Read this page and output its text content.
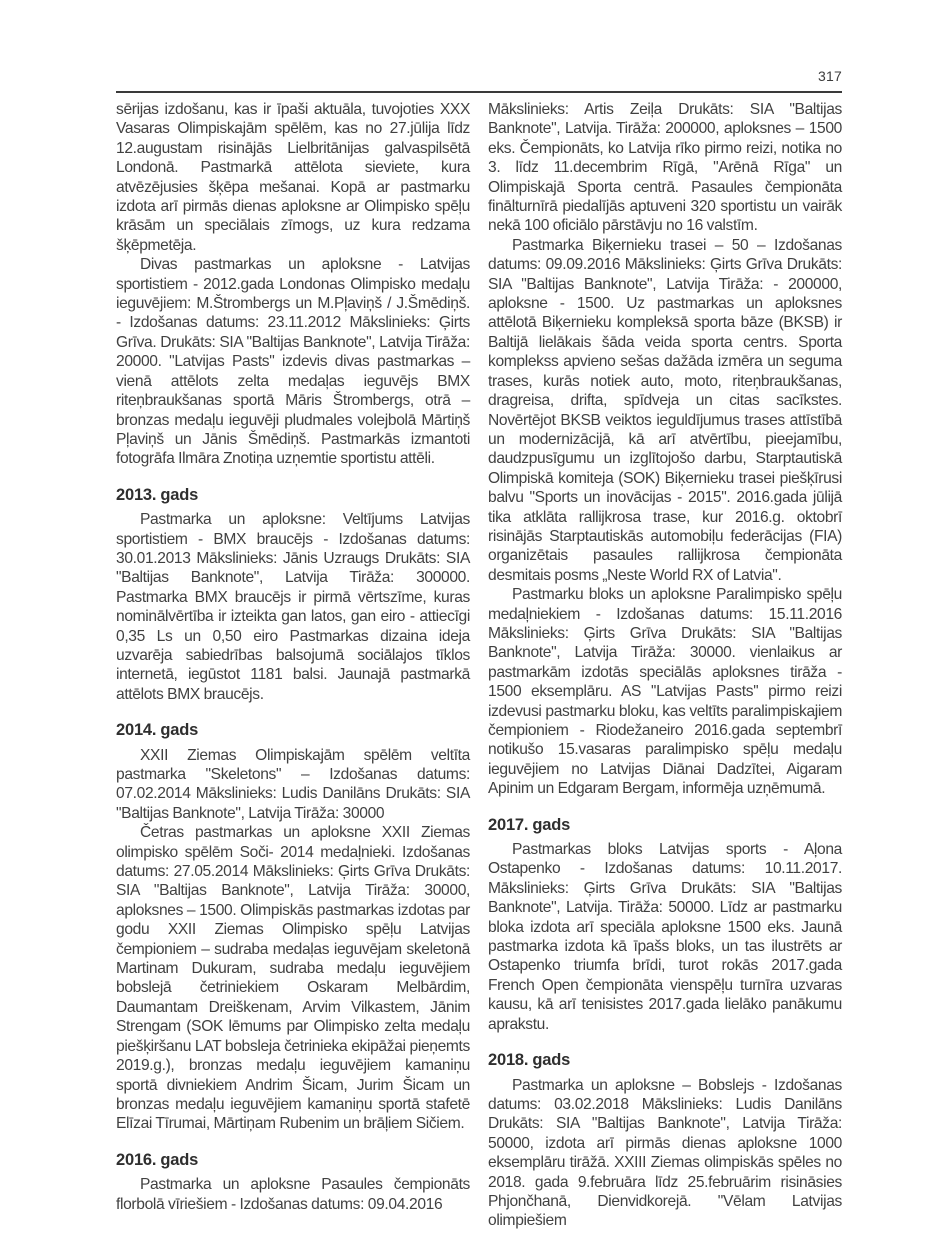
317

sērijas izdošanu, kas ir īpaši aktuāla, tuvojoties XXX Vasaras Olimpiskajām spēlēm, kas no 27.jūlija līdz 12.augustam risinājās Lielbritānijas galvaspilsētā Londonā. Pastmarkā attēlota sieviete, kura atvēzējusies šķēpa mešanai. Kopā ar pastmarku izdota arī pirmās dienas aploksne ar Olimpisko spēļu krāsām un speciālais zīmogs, uz kura redzama šķēpmetēja.

Divas pastmarkas un aploksne - Latvijas sportistiem - 2012.gada Londonas Olimpisko medaļu ieguvējiem: M.Štrombergs un M.Pļaviņš / J.Šmēdiņš. - Izdošanas datums: 23.11.2012 Mākslinieks: Ģirts Grīva. Drukāts: SIA "Baltijas Banknote", Latvija Tirāža: 20000. "Latvijas Pasts" izdevis divas pastmarkas – vienā attēlots zelta medaļas ieguvējs BMX riteņbraukšanas sportā Māris Štrombergs, otrā – bronzas medaļu ieguvēji pludmales volejbolā Mārtiņš Pļaviņš un Jānis Šmēdiņš. Pastmarkās izmantoti fotogrāfa Ilmāra Znotiņa uzņemtie sportistu attēli.

2013. gads

Pastmarka un aploksne: Veltījums Latvijas sportistiem - BMX braucējs - Izdošanas datums: 30.01.2013 Mākslinieks: Jānis Uzraugs Drukāts: SIA "Baltijas Banknote", Latvija Tirāža: 300000. Pastmarka BMX braucējs ir pirmā vērtszīme, kuras nominālvērtība ir izteikta gan latos, gan eiro - attiecīgi 0,35 Ls un 0,50 eiro Pastmarkas dizaina ideja uzvarēja sabiedrības balsojumā sociālajos tīklos internetā, iegūstot 1181 balsi. Jaunajā pastmarkā attēlots BMX braucējs.

2014. gads

XXII Ziemas Olimpiskajām spēlēm veltīta pastmarka "Skeletons" – Izdošanas datums: 07.02.2014 Mākslinieks: Ludis Danilāns Drukāts: SIA "Baltijas Banknote", Latvija Tirāža: 30000

Četras pastmarkas un aploksne XXII Ziemas olimpisko spēlēm Soči- 2014 medaļnieki. Izdošanas datums: 27.05.2014 Mākslinieks: Ģirts Grīva Drukāts: SIA "Baltijas Banknote", Latvija Tirāža: 30000, aploksnes – 1500. Olimpiskās pastmarkas izdotas par godu XXII Ziemas Olimpisko spēļu Latvijas čempioniem – sudraba medaļas ieguvējam skeletonā Martinam Dukuram, sudraba medaļu ieguvējiem bobslejā četriniekiem Oskaram Melbārdim, Daumantam Dreiškenam, Arvim Vilkastem, Jānim Strengam (SOK lēmums par Olimpisko zelta medaļu piešķiršanu LAT bobsleja četrinieka ekipāžai pieņemts 2019.g.), bronzas medaļu ieguvējiem kamaniņu sportā divniekiem Andrim Šicam, Jurim Šicam un bronzas medaļu ieguvējiem kamaniņu sportā stafetē Elīzai Tīrumai, Mārtiņam Rubenim un brāļiem Sičiem.

2016. gads

Pastmarka un aploksne Pasaules čempionāts florbolā vīriešiem - Izdošanas datums: 09.04.2016

Mākslinieks: Artis Zeiļa Drukāts: SIA "Baltijas Banknote", Latvija. Tirāža: 200000, aploksnes – 1500 eks. Čempionāts, ko Latvija rīko pirmo reizi, notika no 3. līdz 11.decembrim Rīgā, "Arēnā Rīga" un Olimpiskajā Sporta centrā. Pasaules čempionāta finālturnīrā piedalījās aptuveni 320 sportistu un vairāk nekā 100 oficiālo pārstāvju no 16 valstīm.

Pastmarka Biķernieku trasei – 50 – Izdošanas datums: 09.09.2016 Mākslinieks: Ģirts Grīva Drukāts: SIA "Baltijas Banknote", Latvija Tirāža: - 200000, aploksne - 1500. Uz pastmarkas un aploksnes attēlotā Biķernieku kompleksā sporta bāze (BKSB) ir Baltijā lielākais šāda veida sporta centrs. Sporta komplekss apvieno sešas dažāda izmēra un seguma trases, kurās notiek auto, moto, riteņbraukšanas, dragreisa, drifta, spīdveja un citas sacīkstes. Novērtējot BKSB veiktos ieguldījumus trases attīstībā un modernizācijā, kā arī atvērtību, pieejamību, daudzpusīgumu un izglītojošo darbu, Starptautiskā Olimpiskā komiteja (SOK) Biķernieku trasei piešķīrusi balvu "Sports un inovācijas - 2015". 2016.gada jūlijā tika atklāta rallijkrosa trase, kur 2016.g. oktobrī risinājās Starptautiskās automobiļu federācijas (FIA) organizētais pasaules rallijkrosa čempionāta desmitais posms „Neste World RX of Latvia".

Pastmarku bloks un aploksne Paralimpisko spēļu medaļniekiem - Izdošanas datums: 15.11.2016 Mākslinieks: Ģirts Grīva Drukāts: SIA "Baltijas Banknote", Latvija Tirāža: 30000. vienlaikus ar pastmarkām izdotās speciālās aploksnes tirāža - 1500 eksemplāru. AS ''Latvijas Pasts'' pirmo reizi izdevusi pastmarku bloku, kas veltīts paralimpiskajiem čempioniem - Riodežaneiro 2016.gada septembrī notikušo 15.vasaras paralimpisko spēļu medaļu ieguvējiem no Latvijas Diānai Dadzītei, Aigaram Apinim un Edgaram Bergam, informēja uzņēmumā.

2017. gads

Pastmarkas bloks Latvijas sports - Aļona Ostapenko - Izdošanas datums: 10.11.2017. Mākslinieks: Ģirts Grīva Drukāts: SIA "Baltijas Banknote", Latvija. Tirāža: 50000. Līdz ar pastmarku bloka izdota arī speciāla aploksne 1500 eks. Jaunā pastmarka izdota kā īpašs bloks, un tas ilustrēts ar Ostapenko triumfa brīdi, turot rokās 2017.gada French Open čempionāta vienspēļu turnīra uzvaras kausu, kā arī tenisistes 2017.gada lielāko panākumu aprakstu.

2018. gads

Pastmarka un aploksne – Bobslejs - Izdošanas datums: 03.02.2018 Mākslinieks: Ludis Danilāns Drukāts: SIA "Baltijas Banknote", Latvija Tirāža: 50000, izdota arī pirmās dienas aploksne 1000 eksemplāru tirāžā. XXIII Ziemas olimpiskās spēles no 2018. gada 9.februāra līdz 25.februārim risināsies Phjončhanā, Dienvidkorejā. "Vēlam Latvijas olimpiešiem
